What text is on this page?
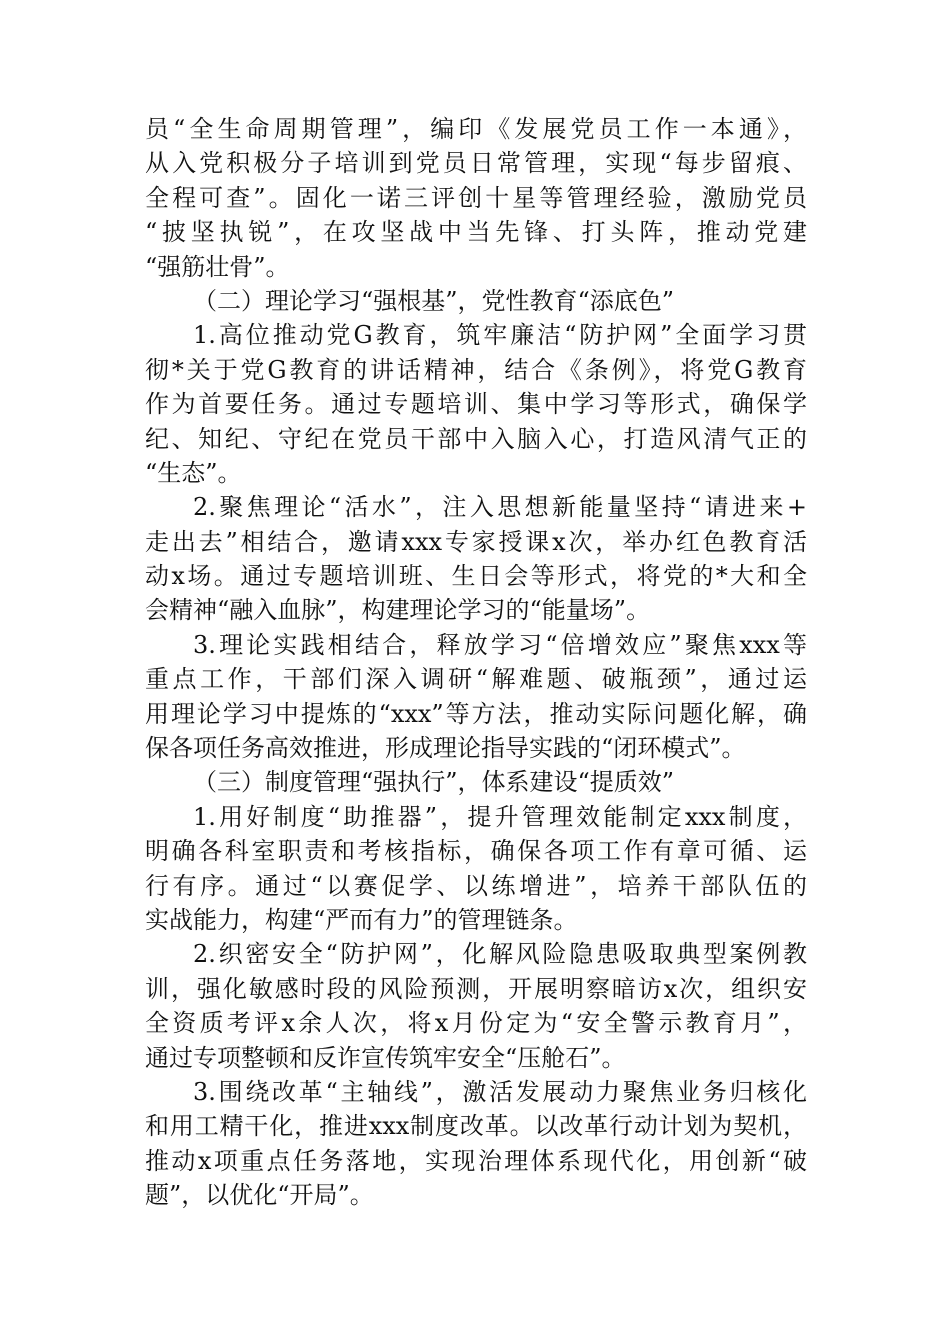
员“全生命周期管理”，编印《发展党员工作一本通》，
从入党积极分子培训到党员日常管理，实现“每步留痕、
全程可查”。固化一诺三评创十星等管理经验，激励党员
“披坚执锐”，在攻坚战中当先锋、打头阵，推动党建
“强筋壮骨”。
（二）理论学习“强根基”，党性教育“添底色”
1.高位推动党G教育，筑牢廉洁“防护网”全面学习贯
彻*关于党G教育的讲话精神，结合《条例》，将党G教育
作为首要任务。通过专题培训、集中学习等形式，确保学
纪、知纪、守纪在党员干部中入脑入心，打造风清气正的
“生态”。
2.聚焦理论“活水”，注入思想新能量坚持“请进来+
走出去”相结合，邀请xxx专家授课x次，举办红色教育活
动x场。通过专题培训班、生日会等形式，将党的*大和全
会精神“融入血脉”，构建理论学习的“能量场”。
3.理论实践相结合，释放学习“倍增效应”聚焦xxx等
重点工作，干部们深入调研“解难题、破瓶颈”，通过运
用理论学习中提炼的“xxx”等方法，推动实际问题化解，确
保各项任务高效推进，形成理论指导实践的“闭环模式”。
（三）制度管理“强执行”，体系建设“提质效”
1.用好制度“助推器”，提升管理效能制定xxx制度，
明确各科室职责和考核指标，确保各项工作有章可循、运
行有序。通过“以赛促学、以练增进”，培养干部队伍的
实战能力，构建“严而有力”的管理链条。
2.织密安全“防护网”，化解风险隐患吸取典型案例教
训，强化敏感时段的风险预测，开展明察暗访x次，组织安
全资质考评x余人次，将x月份定为“安全警示教育月”，
通过专项整顿和反诈宣传筑牢安全“压舱石”。
3.围绕改革“主轴线”，激活发展动力聚焦业务归核化
和用工精干化，推进xxx制度改革。以改革行动计划为契机，
推动x项重点任务落地，实现治理体系现代化，用创新“破
题”，以优化“开局”。
